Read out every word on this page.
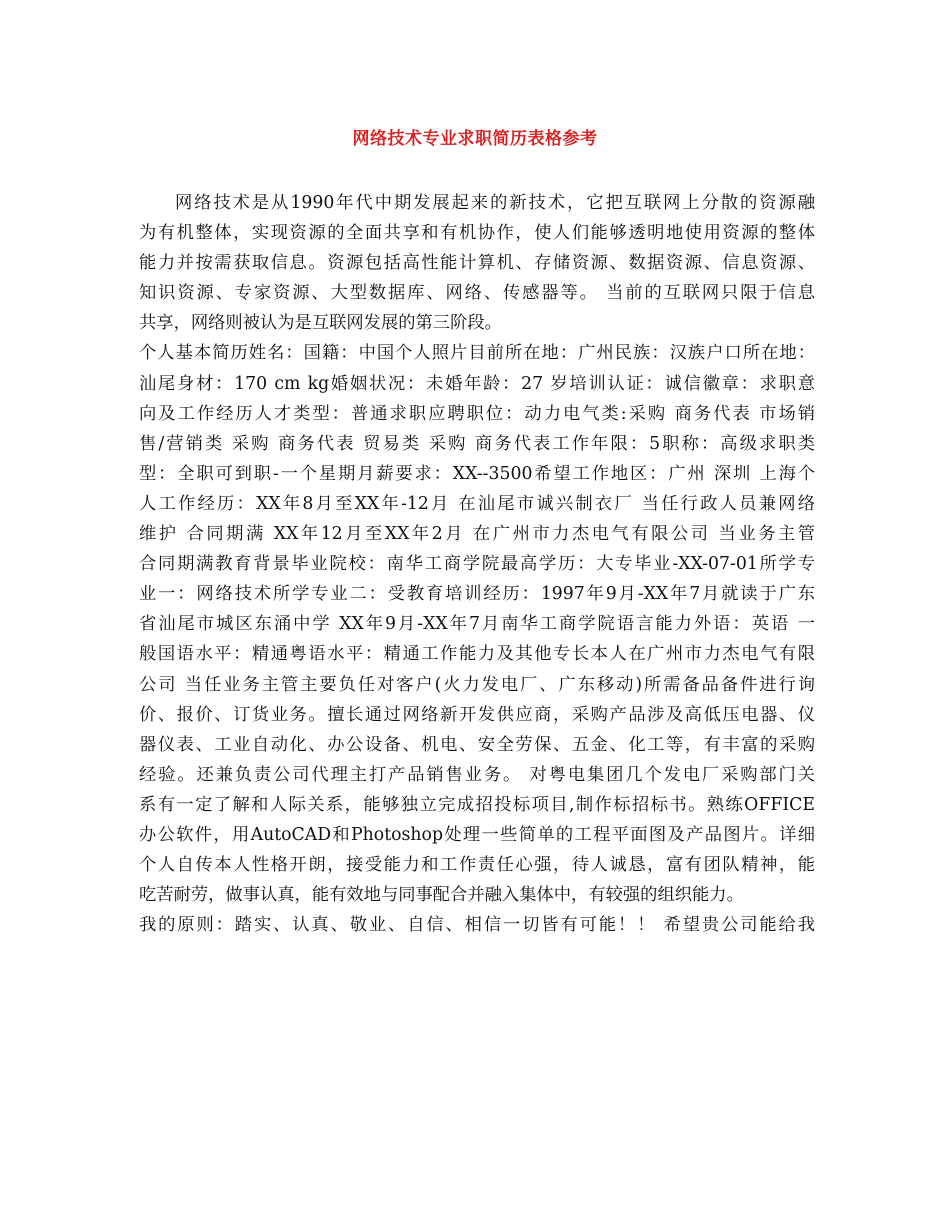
网络技术专业求职简历表格参考
网络技术是从1990年代中期发展起来的新技术，它把互联网上分散的资源融
为有机整体，实现资源的全面共享和有机协作，使人们能够透明地使用资源的整体
能力并按需获取信息。资源包括高性能计算机、存储资源、数据资源、信息资源、
知识资源、专家资源、大型数据库、网络、传感器等。 当前的互联网只限于信息
共享，网络则被认为是互联网发展的第三阶段。
个人基本简历姓名：国籍：中国个人照片目前所在地：广州民族：汉族户口所在地：
汕尾身材：170 cm kg婚姻状况：未婚年龄：27 岁培训认证：诚信徽章：求职意
向及工作经历人才类型：普通求职应聘职位：动力电气类:采购 商务代表 市场销
售/营销类 采购 商务代表 贸易类 采购 商务代表工作年限：5职称：高级求职类
型：全职可到职-一个星期月薪要求：XX--3500希望工作地区：广州 深圳 上海个
人工作经历：XX年8月至XX年-12月 在汕尾市诚兴制衣厂 当任行政人员兼网络
维护 合同期满 XX年12月至XX年2月 在广州市力杰电气有限公司 当业务主管
合同期满教育背景毕业院校：南华工商学院最高学历：大专毕业-XX-07-01所学专
业一：网络技术所学专业二：受教育培训经历：1997年9月-XX年7月就读于广东
省汕尾市城区东涌中学 XX年9月-XX年7月南华工商学院语言能力外语：英语 一
般国语水平：精通粤语水平：精通工作能力及其他专长本人在广州市力杰电气有限
公司 当任业务主管主要负任对客户(火力发电厂、广东移动)所需备品备件进行询
价、报价、订货业务。擅长通过网络新开发供应商，采购产品涉及高低压电器、仪
器仪表、工业自动化、办公设备、机电、安全劳保、五金、化工等，有丰富的采购
经验。还兼负责公司代理主打产品销售业务。 对粤电集团几个发电厂采购部门关
系有一定了解和人际关系，能够独立完成招投标项目,制作标招标书。熟练OFFICE
办公软件，用AutoCAD和Photoshop处理一些简单的工程平面图及产品图片。详细
个人自传本人性格开朗，接受能力和工作责任心强，待人诚恳，富有团队精神，能
吃苦耐劳，做事认真，能有效地与同事配合并融入集体中，有较强的组织能力。
我的原则：踏实、认真、敬业、自信、相信一切皆有可能！！ 希望贵公司能给我
